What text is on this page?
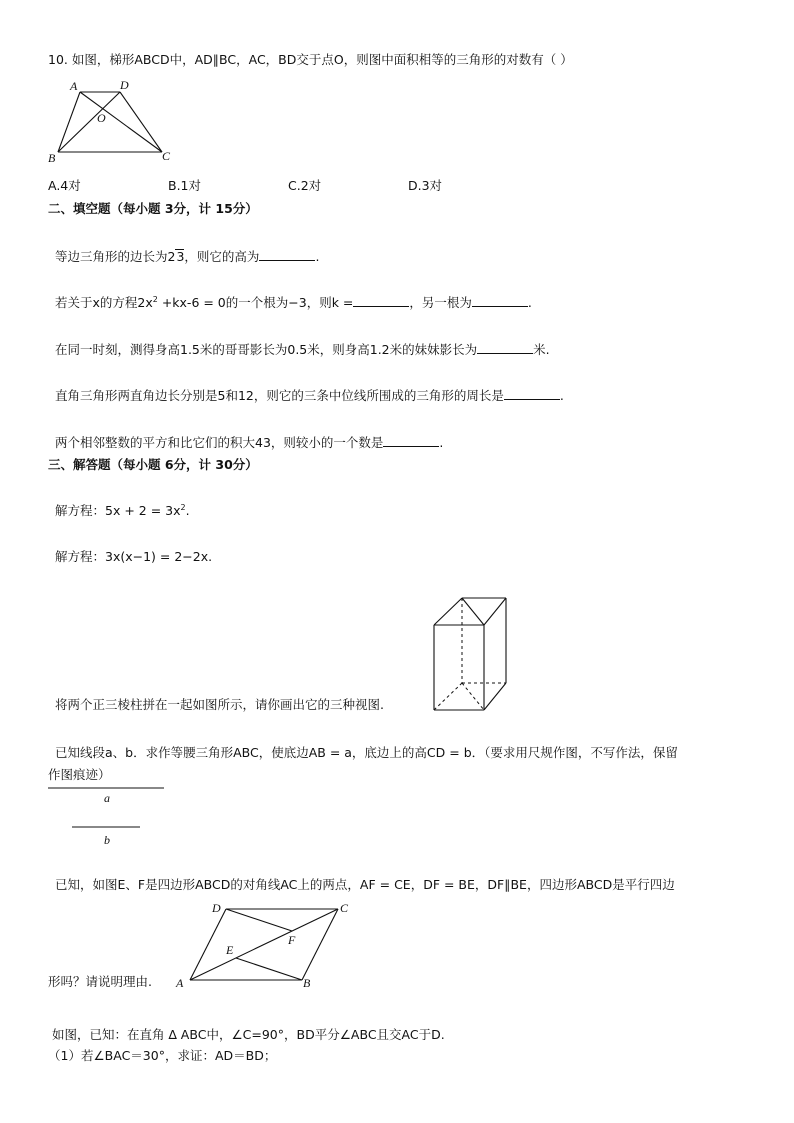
10. 如图，梯形ABCD中，AD∥BC，AC，BD交于点O，则图中面积相等的三角形的对数有（ ）
A	D
O
B	C
A.4对	B.1对	C.2对	D.3对
二、填空题（每小题 3分，计 15分）
等边三角形的边长为23，则它的高为	.
若关于x的方程$2x^2 +kx-6 = 0$的一个根为−3，则k =	，另一根为	.
在同一时刻，测得身高1.5米的哥哥影长为0.5米，则身高1.2米的妹妹影长为	米.
直角三角形两直角边长分别是5和12，则它的三条中位线所围成的三角形的周长是	.
两个相邻整数的平方和比它们的积大43，则较小的一个数是	.
三、解答题（每小题 6分，计 30分）
解方程：$5x + 2 = 3x^2$.
解方程：3x(x−1) = 2−2x.
将两个正三棱柱拼在一起如图所示，请你画出它的三种视图.
已知线段a、b．求作等腰三角形ABC，使底边AB = a，底边上的高CD = b．（要求用尺规作图，不写作法，保留
作图痕迹）
a
b
已知，如图E、F是四边形ABCD的对角线AC上的两点，AF = CE，DF = BE，DF∥BE，四边形ABCD是平行四边
D	C
F
E
A	B
形吗？请说明理由.
如图，已知：在直角 ∆ ABC中，∠C=90°，BD平分∠ABC且交AC于D.
（1）若∠BAC＝30°，求证：AD＝BD；
